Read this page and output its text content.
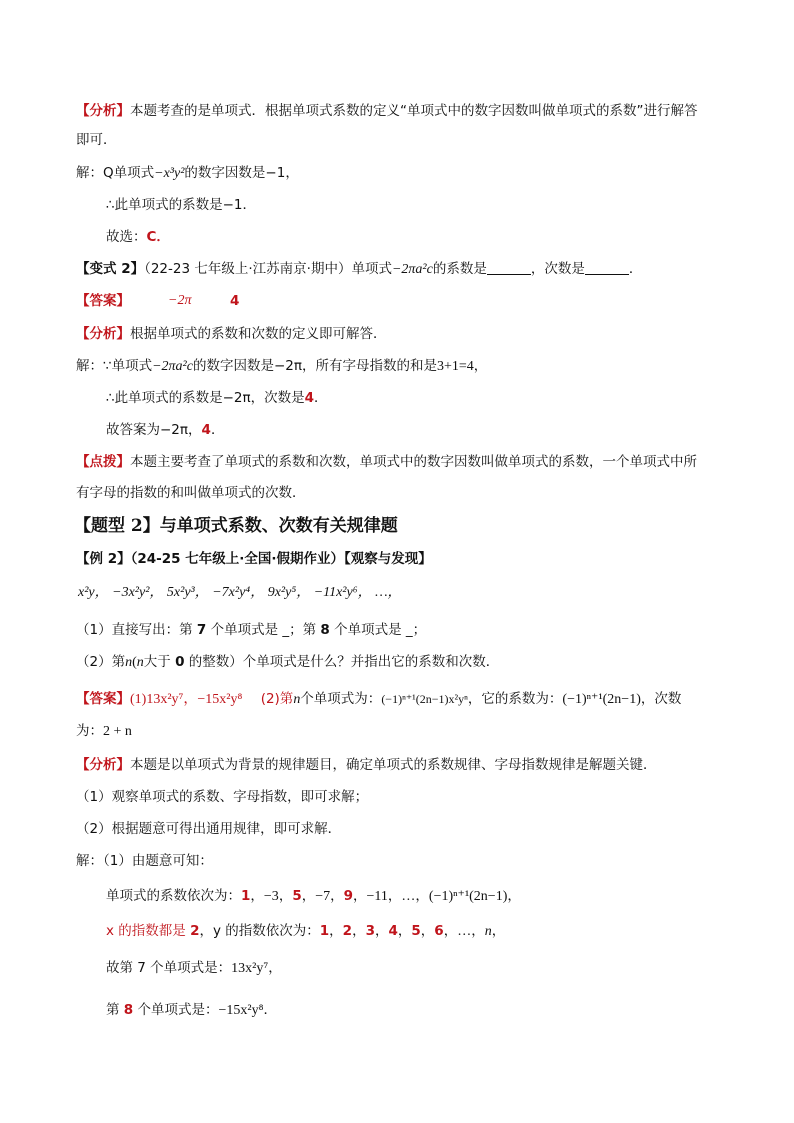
【分析】本题考查的是单项式．根据单项式系数的定义“单项式中的数字因数叫做单项式的系数”进行解答
即可．
解：Q单项式−x³y²的数字因数是−1，
∴此单项式的系数是−1．
故选：C．
【变式 2】（22-23 七年级上·江苏南京·期中）单项式−2πa²c的系数是	，次数是	．
【答案】	−2π	4
【分析】根据单项式的系数和次数的定义即可解答．
解：∵单项式−2πa²c的数字因数是−2π，所有字母指数的和是3+1=4，
∴此单项式的系数是−2π，次数是4．
故答案为−2π，4．
【点拨】本题主要考查了单项式的系数和次数，单项式中的数字因数叫做单项式的系数，一个单项式中所
有字母的指数的和叫做单项式的次数．
【题型 2】与单项式系数、次数有关规律题
【例 2】（24-25 七年级上·全国·假期作业）【观察与发现】
x²y， −3x²y²， 5x²y³， −7x²y⁴， 9x²y⁵， −11x²y⁶， …，
（1）直接写出：第 7 个单项式是 _；第 8 个单项式是 _；
（2）第n(n大于 0 的整数）个单项式是什么？并指出它的系数和次数．
【答案】(1)13x²y⁷，−15x²y⁸ (2)第n个单项式为：(−1)ⁿ⁺¹(2n−1)x²yⁿ，它的系数为：(−1)ⁿ⁺¹(2n−1)，次数
为：2 + n
【分析】本题是以单项式为背景的规律题目，确定单项式的系数规律、字母指数规律是解题关键．
（1）观察单项式的系数、字母指数，即可求解；
（2）根据题意可得出通用规律，即可求解．
解：（1）由题意可知：
单项式的系数依次为：1，−3，5，−7，9，−11，…，(−1)ⁿ⁺¹(2n−1)，
x 的指数都是 2，y 的指数依次为：1，2，3，4，5，6，…，n，
故第 7 个单项式是：13x²y⁷，
第 8 个单项式是：−15x²y⁸．
